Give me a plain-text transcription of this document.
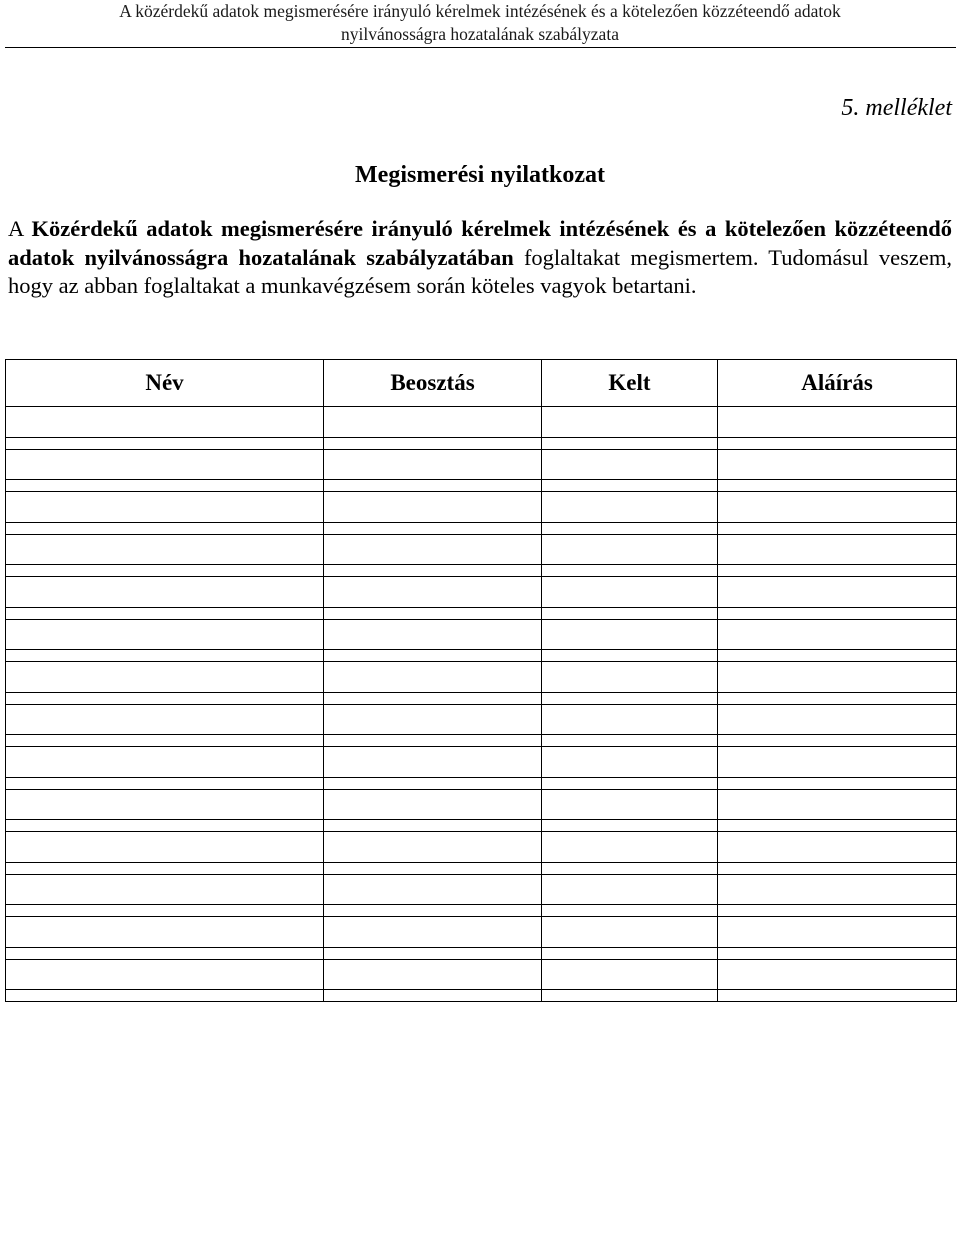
A közérdekű adatok megismerésére irányuló kérelmek intézésének és a kötelezően közzéteendő adatok
nyilvánosságra hozatalának szabályzata
5. melléklet
Megismerési nyilatkozat
A Közérdekű adatok megismerésére irányuló kérelmek intézésének és a kötelezően közzéteendő adatok nyilvánosságra hozatalának szabályzatában foglaltakat megismertem. Tudomásul veszem, hogy az abban foglaltakat a munkavégzésem során köteles vagyok betartani.
Név	Beosztás	Kelt	Aláírás
